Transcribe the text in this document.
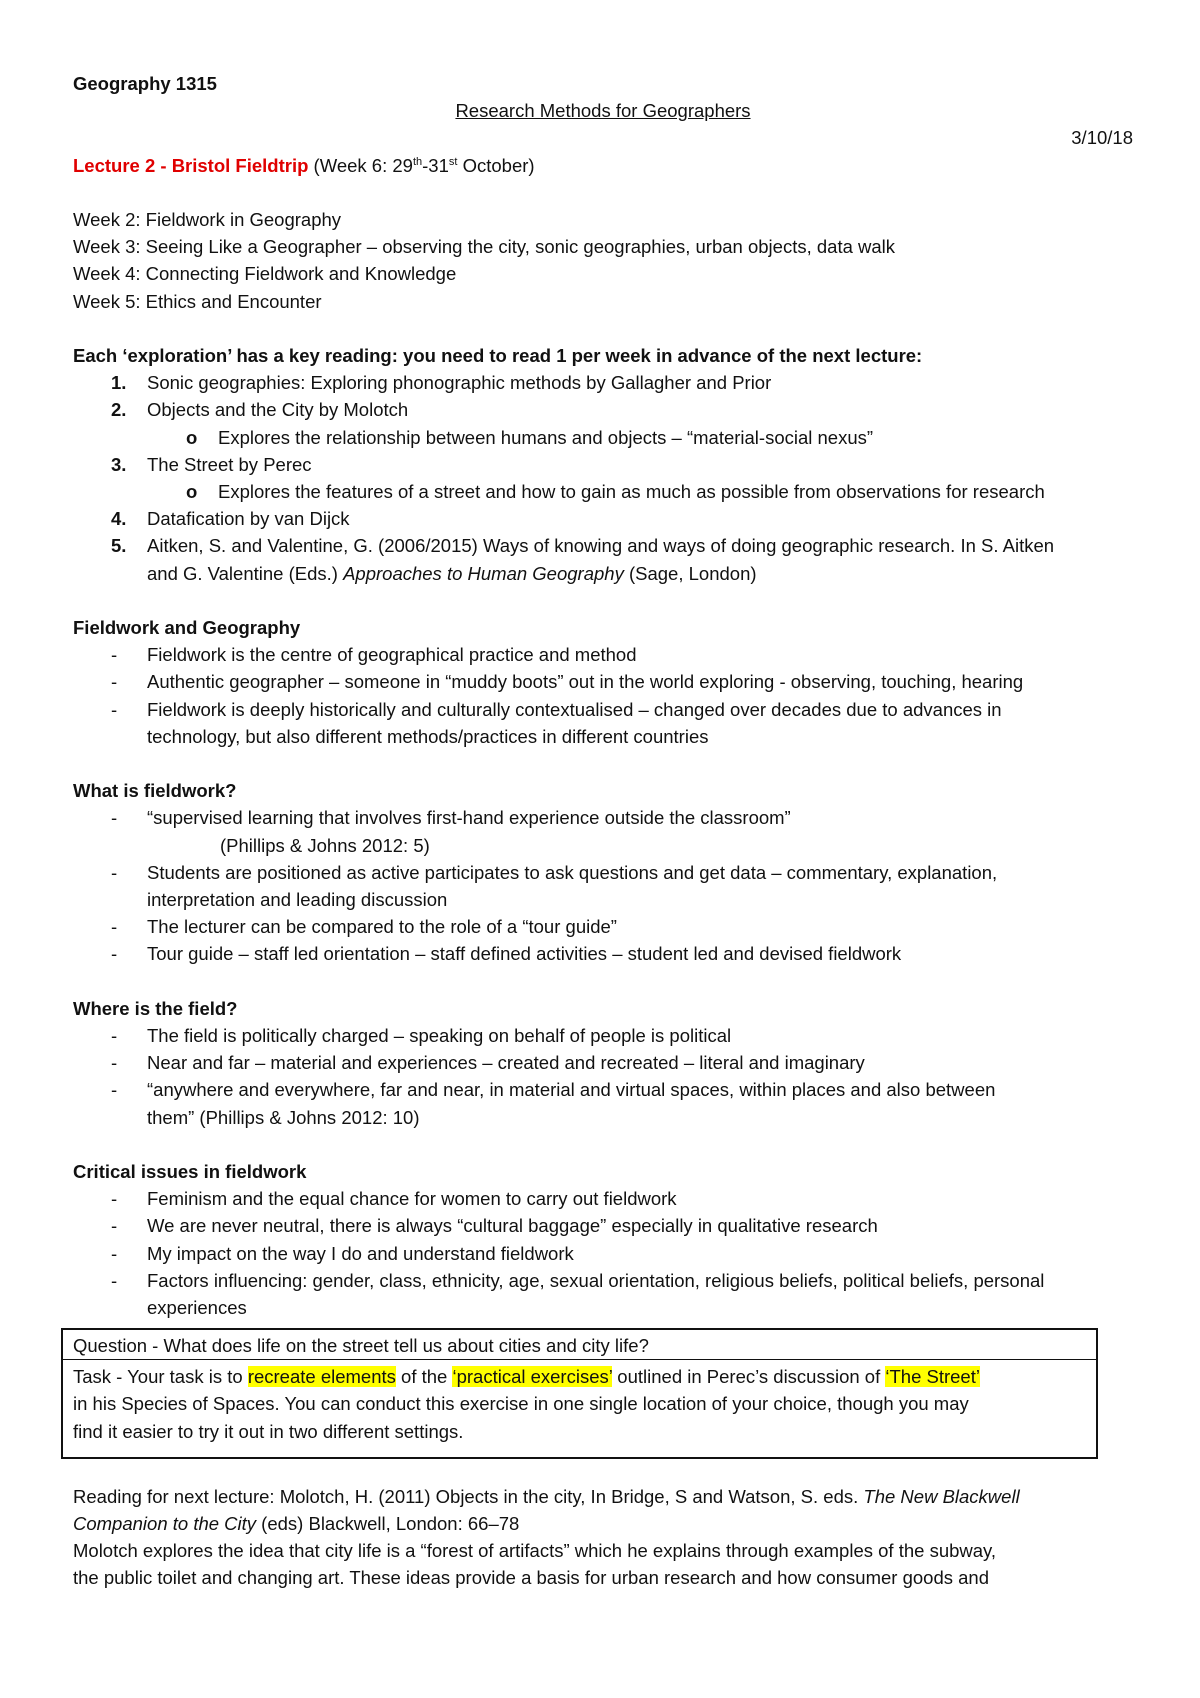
Geography 1315

Research Methods for Geographers

3/10/18

Lecture 2 - Bristol Fieldtrip (Week 6: 29th-31st October)

Week 2: Fieldwork in Geography

Week 3: Seeing Like a Geographer – observing the city, sonic geographies, urban objects, data walk

Week 4: Connecting Fieldwork and Knowledge

Week 5: Ethics and Encounter

Each ‘exploration’ has a key reading: you need to read 1 per week in advance of the next lecture:

1. Sonic geographies: Exploring phonographic methods by Gallagher and Prior
2. Objects and the City by Molotch
o Explores the relationship between humans and objects – “material-social nexus”
3. The Street by Perec
o Explores the features of a street and how to gain as much as possible from observations for research
4. Datafication by van Dijck
5. Aitken, S. and Valentine, G. (2006/2015) Ways of knowing and ways of doing geographic research. In S. Aitken

and G. Valentine (Eds.) Approaches to Human Geography (Sage, London)

Fieldwork and Geography

- Fieldwork is the centre of geographical practice and method
- Authentic geographer – someone in “muddy boots” out in the world exploring - observing, touching, hearing
- Fieldwork is deeply historically and culturally contextualised – changed over decades due to advances in

technology, but also different methods/practices in different countries

What is fieldwork?

- “supervised learning that involves first-hand experience outside the classroom”

(Phillips & Johns 2012: 5)

- Students are positioned as active participates to ask questions and get data – commentary, explanation,

interpretation and leading discussion

- The lecturer can be compared to the role of a “tour guide”
- Tour guide – staff led orientation – staff defined activities – student led and devised fieldwork

Where is the field?

- The field is politically charged – speaking on behalf of people is political
- Near and far – material and experiences – created and recreated – literal and imaginary
- “anywhere and everywhere, far and near, in material and virtual spaces, within places and also between

them” (Phillips & Johns 2012: 10)

Critical issues in fieldwork

- Feminism and the equal chance for women to carry out fieldwork
- We are never neutral, there is always “cultural baggage” especially in qualitative research
- My impact on the way I do and understand fieldwork
- Factors influencing: gender, class, ethnicity, age, sexual orientation, religious beliefs, political beliefs, personal

experiences

Question - What does life on the street tell us about cities and city life?
Task - Your task is to recreate elements of the ‘practical exercises’ outlined in Perec’s discussion of ‘The Street’
in his Species of Spaces. You can conduct this exercise in one single location of your choice, though you may
find it easier to try it out in two different settings.

Reading for next lecture: Molotch, H. (2011) Objects in the city, In Bridge, S and Watson, S. eds. The New Blackwell

Companion to the City (eds) Blackwell, London: 66–78

Molotch explores the idea that city life is a “forest of artifacts” which he explains through examples of the subway,

the public toilet and changing art. These ideas provide a basis for urban research and how consumer goods and
